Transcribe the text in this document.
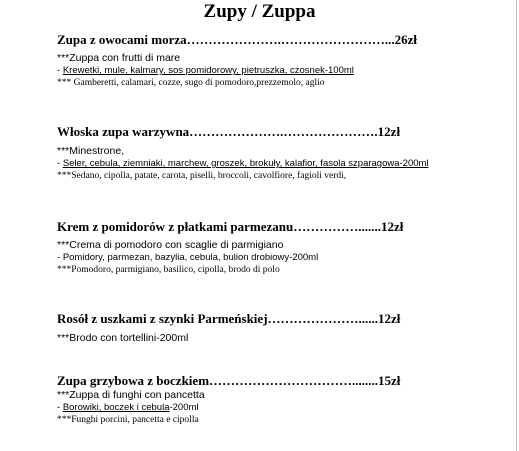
Zupy / Zuppa
Zupa z owocami morza………………….……………………...26zł
***Zuppa con frutti di mare
- Krewetki, mule, kalmary, sos pomidorowy, pietruszka, czosnek-100ml
*** Gamberetti, calamari, cozze, sugo di pomodoro,prezzemolo, aglio
Włoska zupa warzywna………………….………………….12zł
***Minestrone,
- Seler, cebula, ziemniaki, marchew, groszek, brokuły, kalafior, fasola szparagowa-200ml
***Sedano, cipolla, patate, carota, piselli, broccoli, cavolfiore, fagioli verdi,
Krem z pomidorów z płatkami parmezanu…………….......12zł
***Crema di pomodoro con scaglie di parmigiano
- Pomidory, parmezan, bazylia, cebula, bulion drobiowy-200ml
***Pomodoro, parmigiano, basilico, cipolla, brodo di polo
Rosół z uszkami z szynki Parmeńskiej…………………......12zł
***Brodo con tortellini-200ml
Zupa grzybowa z boczkiem……………………………........15zł
***Zuppa di funghi con pancetta
- Borowiki, boczek i cebula-200ml
***Funghi porcini, pancetta e cipolla
